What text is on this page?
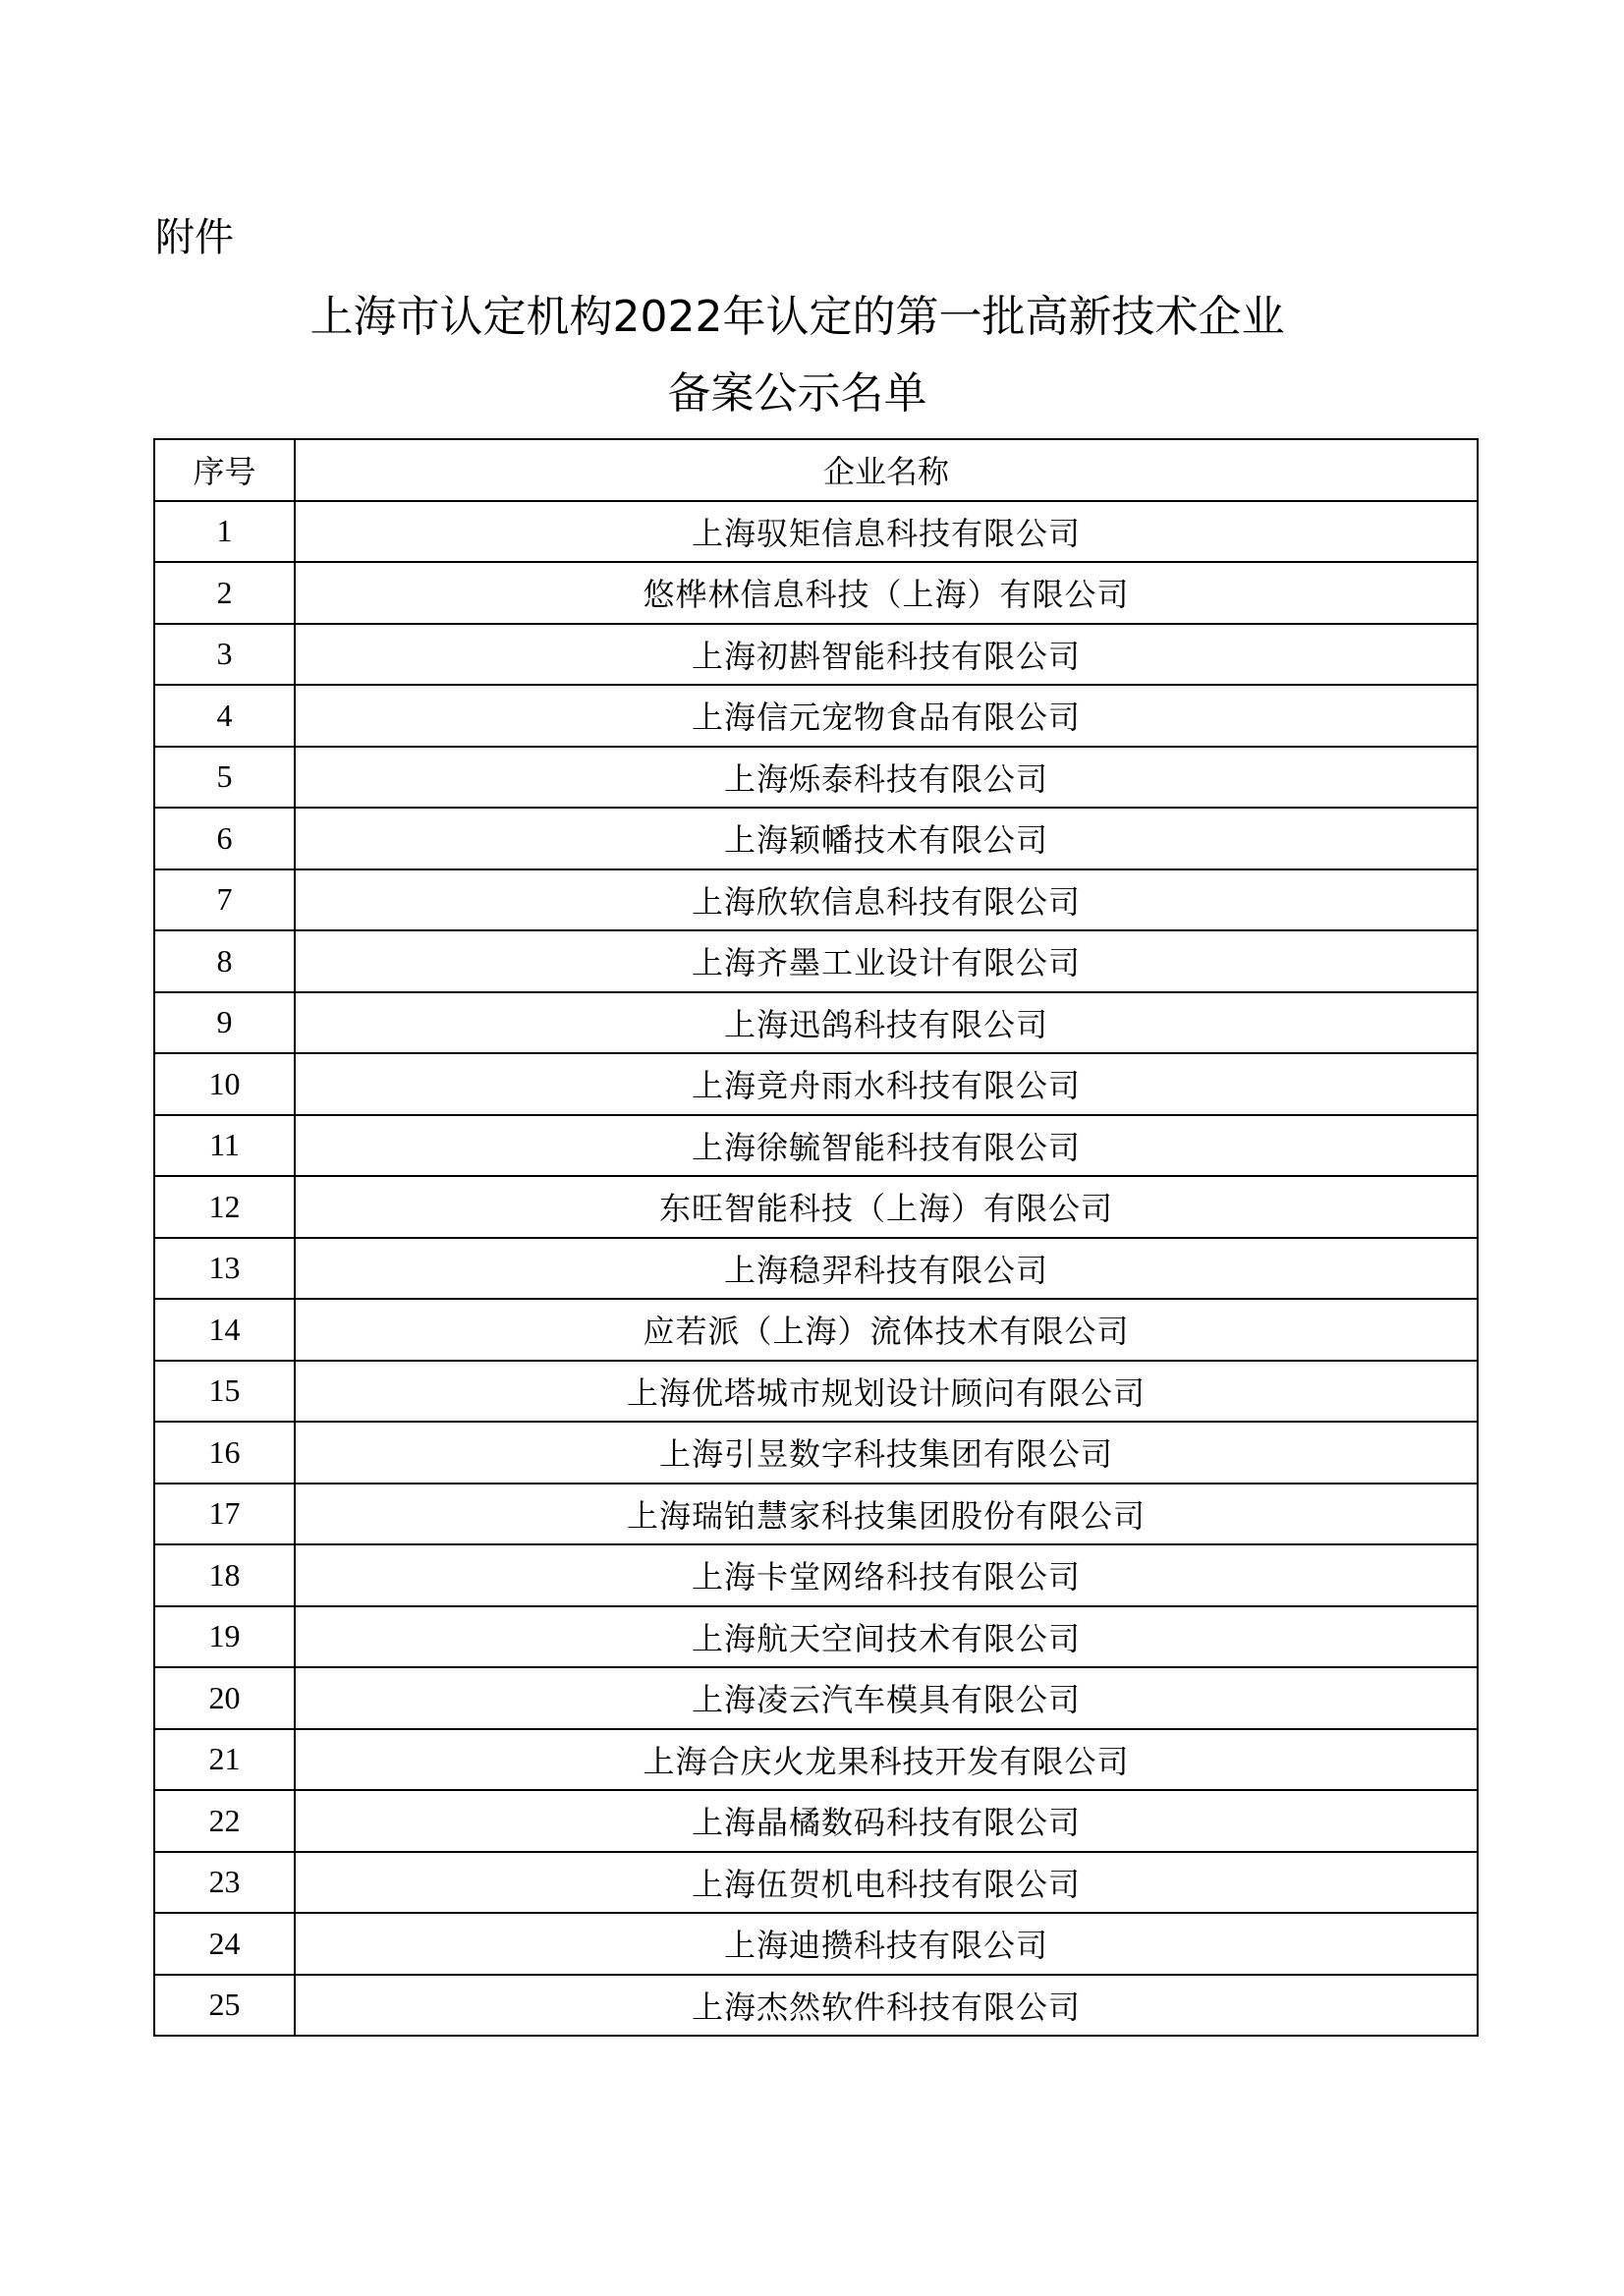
附件
上海市认定机构2022年认定的第一批高新技术企业
备案公示名单
序号	企业名称
1	上海驭矩信息科技有限公司
2	悠桦林信息科技（上海）有限公司
3	上海初斟智能科技有限公司
4	上海信元宠物食品有限公司
5	上海烁泰科技有限公司
6	上海颖幡技术有限公司
7	上海欣软信息科技有限公司
8	上海齐墨工业设计有限公司
9	上海迅鸽科技有限公司
10	上海竞舟雨水科技有限公司
11	上海徐毓智能科技有限公司
12	东旺智能科技（上海）有限公司
13	上海稳羿科技有限公司
14	应若派（上海）流体技术有限公司
15	上海优塔城市规划设计顾问有限公司
16	上海引昱数字科技集团有限公司
17	上海瑞铂慧家科技集团股份有限公司
18	上海卡堂网络科技有限公司
19	上海航天空间技术有限公司
20	上海凌云汽车模具有限公司
21	上海合庆火龙果科技开发有限公司
22	上海晶橘数码科技有限公司
23	上海伍贺机电科技有限公司
24	上海迪攒科技有限公司
25	上海杰然软件科技有限公司
